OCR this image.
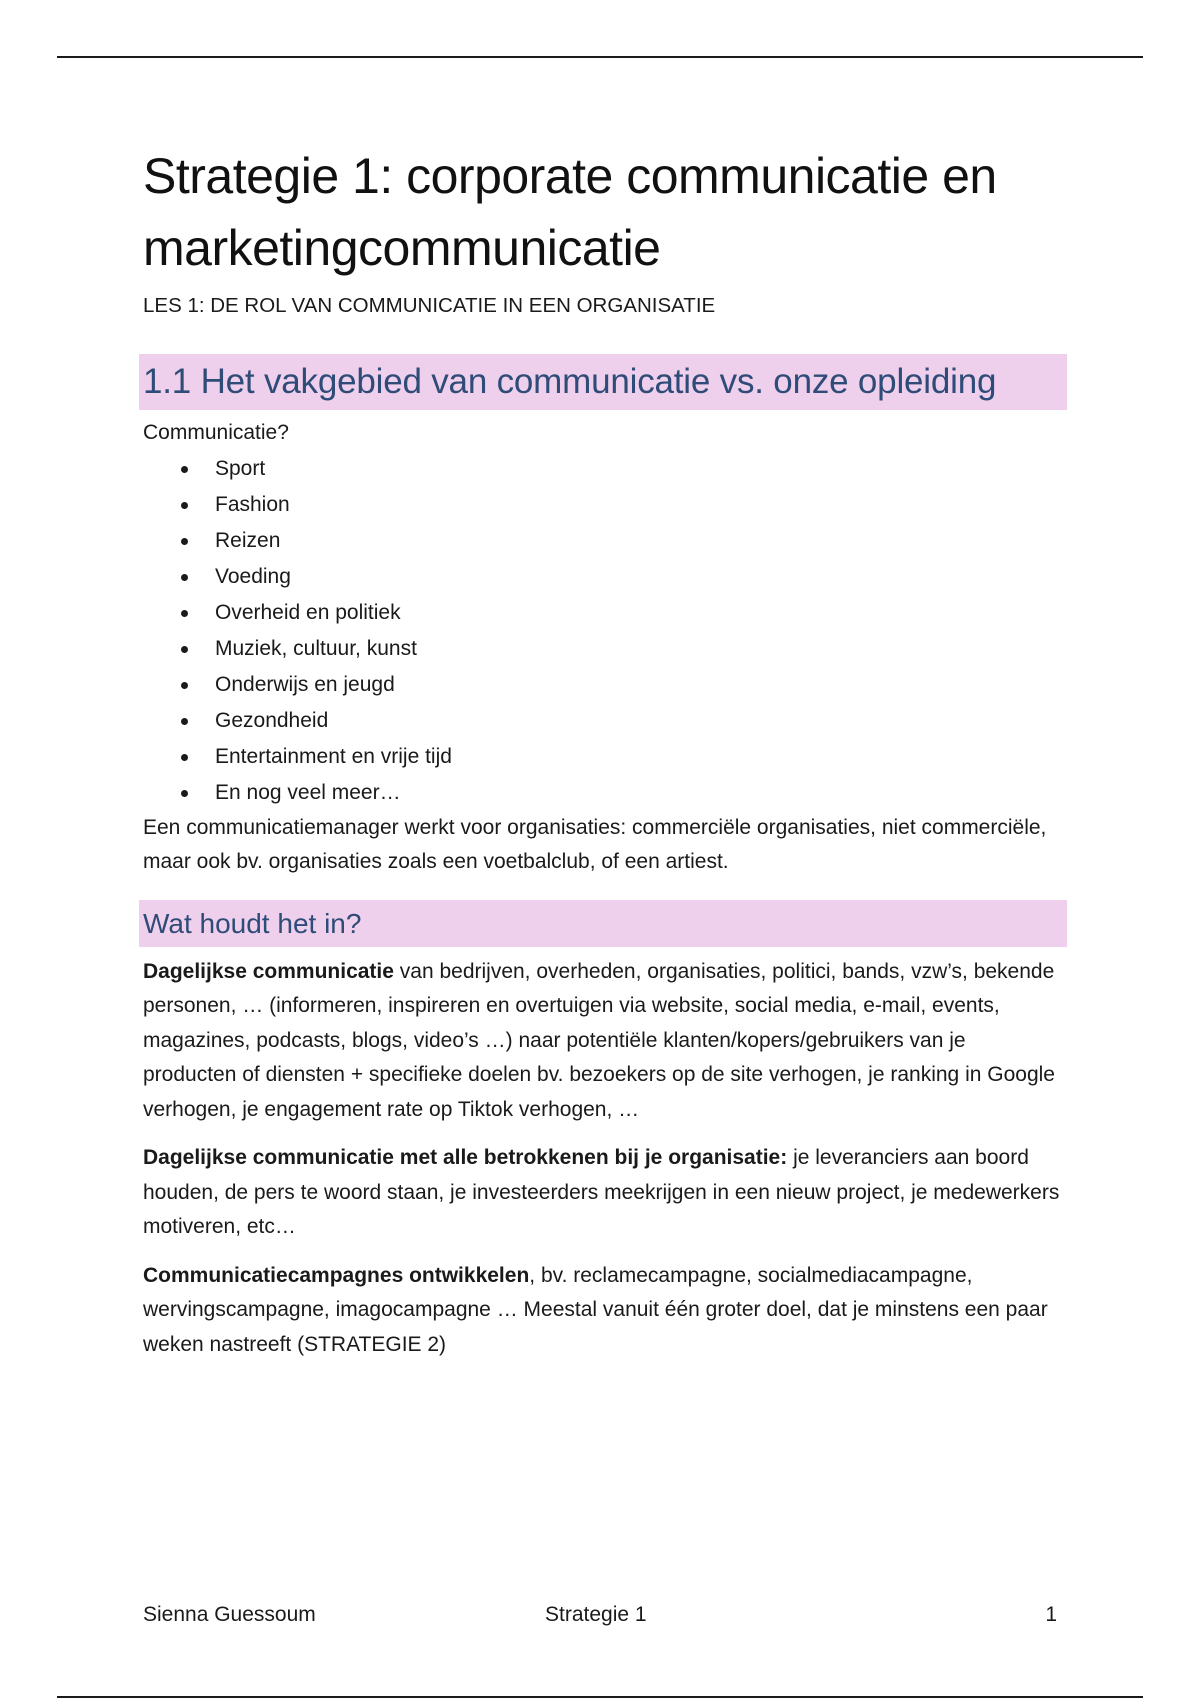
Strategie 1: corporate communicatie en marketingcommunicatie

LES 1: DE ROL VAN COMMUNICATIE IN EEN ORGANISATIE

1.1 Het vakgebied van communicatie vs. onze opleiding

Communicatie?

Sport
Fashion
Reizen
Voeding
Overheid en politiek
Muziek, cultuur, kunst
Onderwijs en jeugd
Gezondheid
Entertainment en vrije tijd
En nog veel meer…

Een communicatiemanager werkt voor organisaties: commerciële organisaties, niet commerciële, maar ook bv. organisaties zoals een voetbalclub, of een artiest.

Wat houdt het in?

Dagelijkse communicatie van bedrijven, overheden, organisaties, politici, bands, vzw’s, bekende personen, … (informeren, inspireren en overtuigen via website, social media, e-mail, events, magazines, podcasts, blogs, video’s …) naar potentiële klanten/kopers/gebruikers van je producten of diensten + specifieke doelen bv. bezoekers op de site verhogen, je ranking in Google verhogen, je engagement rate op Tiktok verhogen, …

Dagelijkse communicatie met alle betrokkenen bij je organisatie: je leveranciers aan boord houden, de pers te woord staan, je investeerders meekrijgen in een nieuw project, je medewerkers motiveren, etc…

Communicatiecampagnes ontwikkelen, bv. reclamecampagne, socialmediacampagne, wervingscampagne, imagocampagne … Meestal vanuit één groter doel, dat je minstens een paar weken nastreeft (STRATEGIE 2)

Sienna Guessoum	Strategie 1	1
